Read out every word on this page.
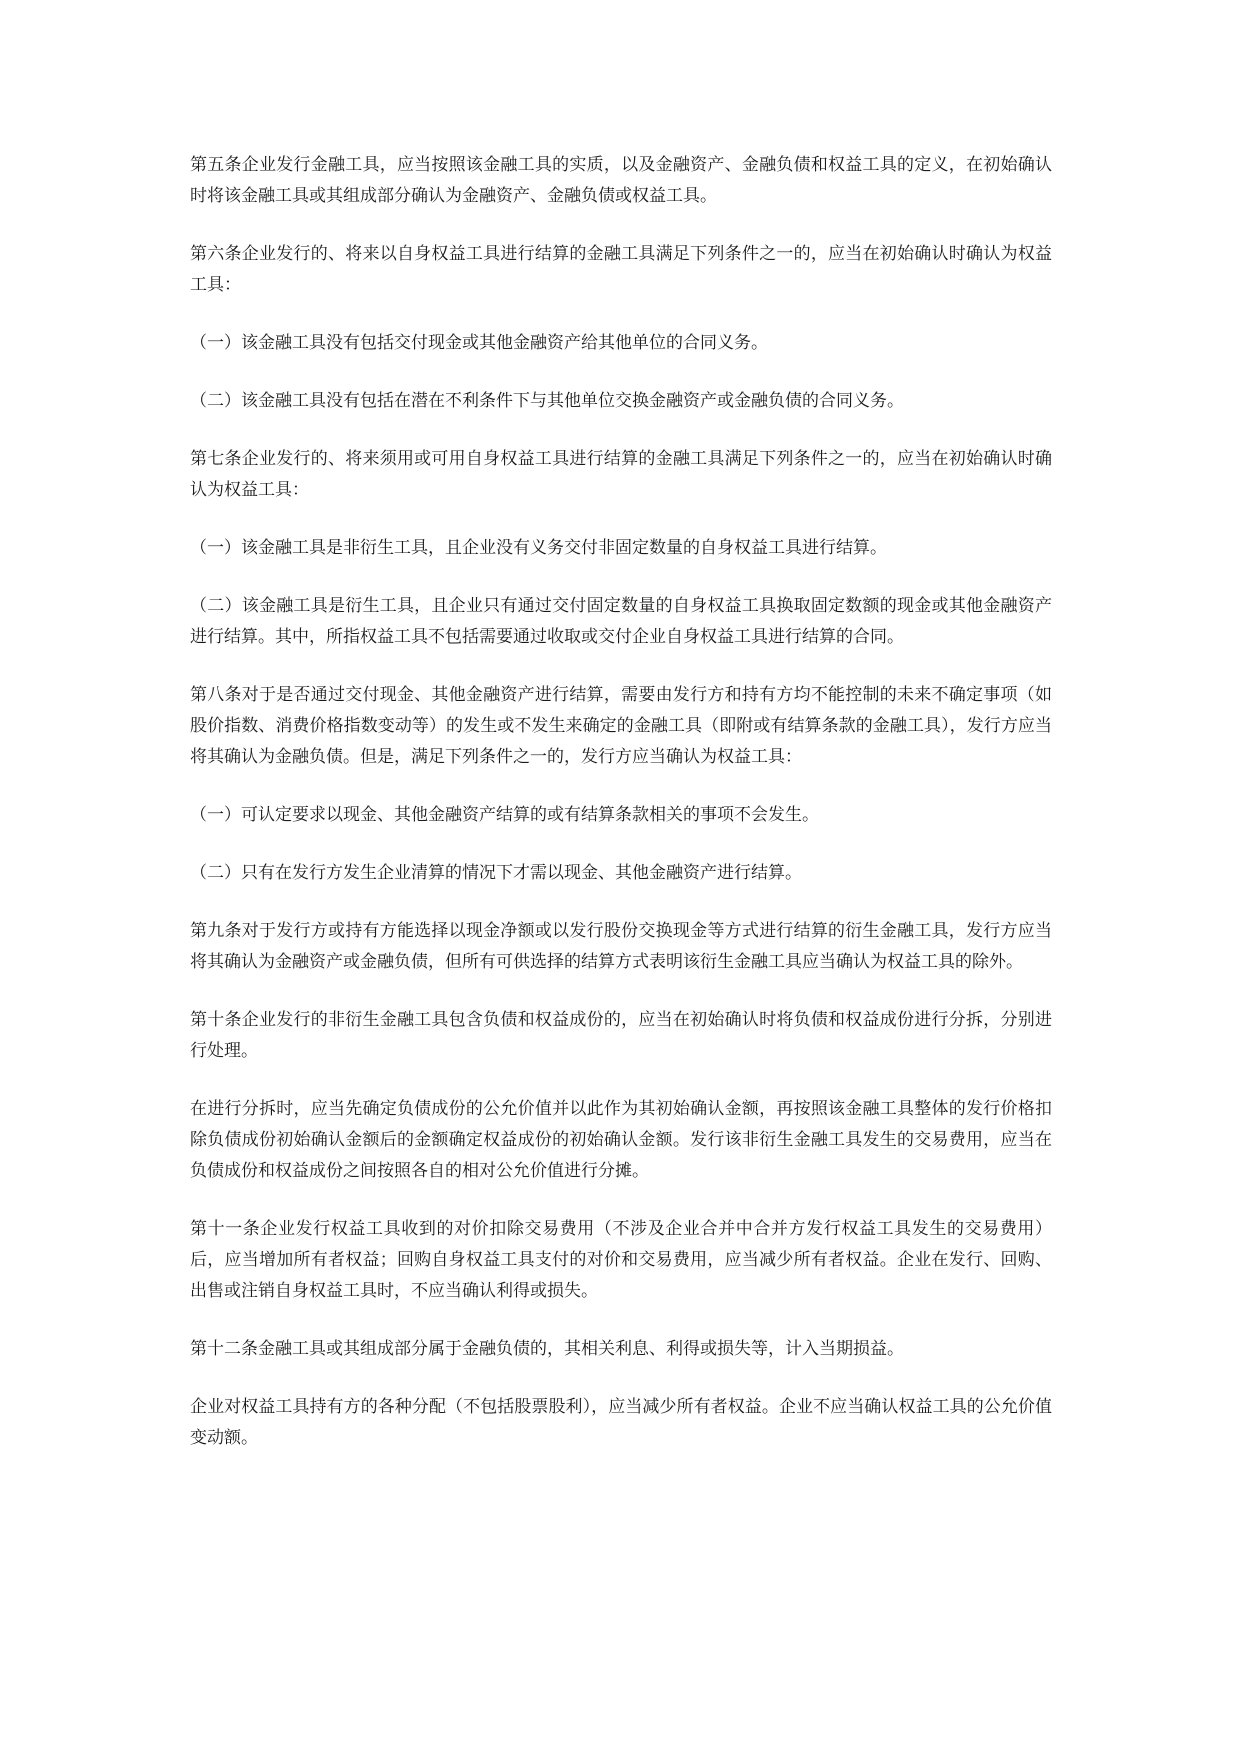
第五条企业发行金融工具，应当按照该金融工具的实质，以及金融资产、金融负债和权益工具的定义，在初始确认时将该金融工具或其组成部分确认为金融资产、金融负债或权益工具。

第六条企业发行的、将来以自身权益工具进行结算的金融工具满足下列条件之一的，应当在初始确认时确认为权益工具：

（一）该金融工具没有包括交付现金或其他金融资产给其他单位的合同义务。

（二）该金融工具没有包括在潜在不利条件下与其他单位交换金融资产或金融负债的合同义务。

第七条企业发行的、将来须用或可用自身权益工具进行结算的金融工具满足下列条件之一的，应当在初始确认时确认为权益工具：

（一）该金融工具是非衍生工具，且企业没有义务交付非固定数量的自身权益工具进行结算。

（二）该金融工具是衍生工具，且企业只有通过交付固定数量的自身权益工具换取固定数额的现金或其他金融资产进行结算。其中，所指权益工具不包括需要通过收取或交付企业自身权益工具进行结算的合同。

第八条对于是否通过交付现金、其他金融资产进行结算，需要由发行方和持有方均不能控制的未来不确定事项（如股价指数、消费价格指数变动等）的发生或不发生来确定的金融工具（即附或有结算条款的金融工具），发行方应当将其确认为金融负债。但是，满足下列条件之一的，发行方应当确认为权益工具：

（一）可认定要求以现金、其他金融资产结算的或有结算条款相关的事项不会发生。

（二）只有在发行方发生企业清算的情况下才需以现金、其他金融资产进行结算。

第九条对于发行方或持有方能选择以现金净额或以发行股份交换现金等方式进行结算的衍生金融工具，发行方应当将其确认为金融资产或金融负债，但所有可供选择的结算方式表明该衍生金融工具应当确认为权益工具的除外。

第十条企业发行的非衍生金融工具包含负债和权益成份的，应当在初始确认时将负债和权益成份进行分拆，分别进行处理。

在进行分拆时，应当先确定负债成份的公允价值并以此作为其初始确认金额，再按照该金融工具整体的发行价格扣除负债成份初始确认金额后的金额确定权益成份的初始确认金额。发行该非衍生金融工具发生的交易费用，应当在负债成份和权益成份之间按照各自的相对公允价值进行分摊。

第十一条企业发行权益工具收到的对价扣除交易费用（不涉及企业合并中合并方发行权益工具发生的交易费用）后，应当增加所有者权益；回购自身权益工具支付的对价和交易费用，应当减少所有者权益。企业在发行、回购、出售或注销自身权益工具时，不应当确认利得或损失。

第十二条金融工具或其组成部分属于金融负债的，其相关利息、利得或损失等，计入当期损益。

企业对权益工具持有方的各种分配（不包括股票股利），应当减少所有者权益。企业不应当确认权益工具的公允价值变动额。
